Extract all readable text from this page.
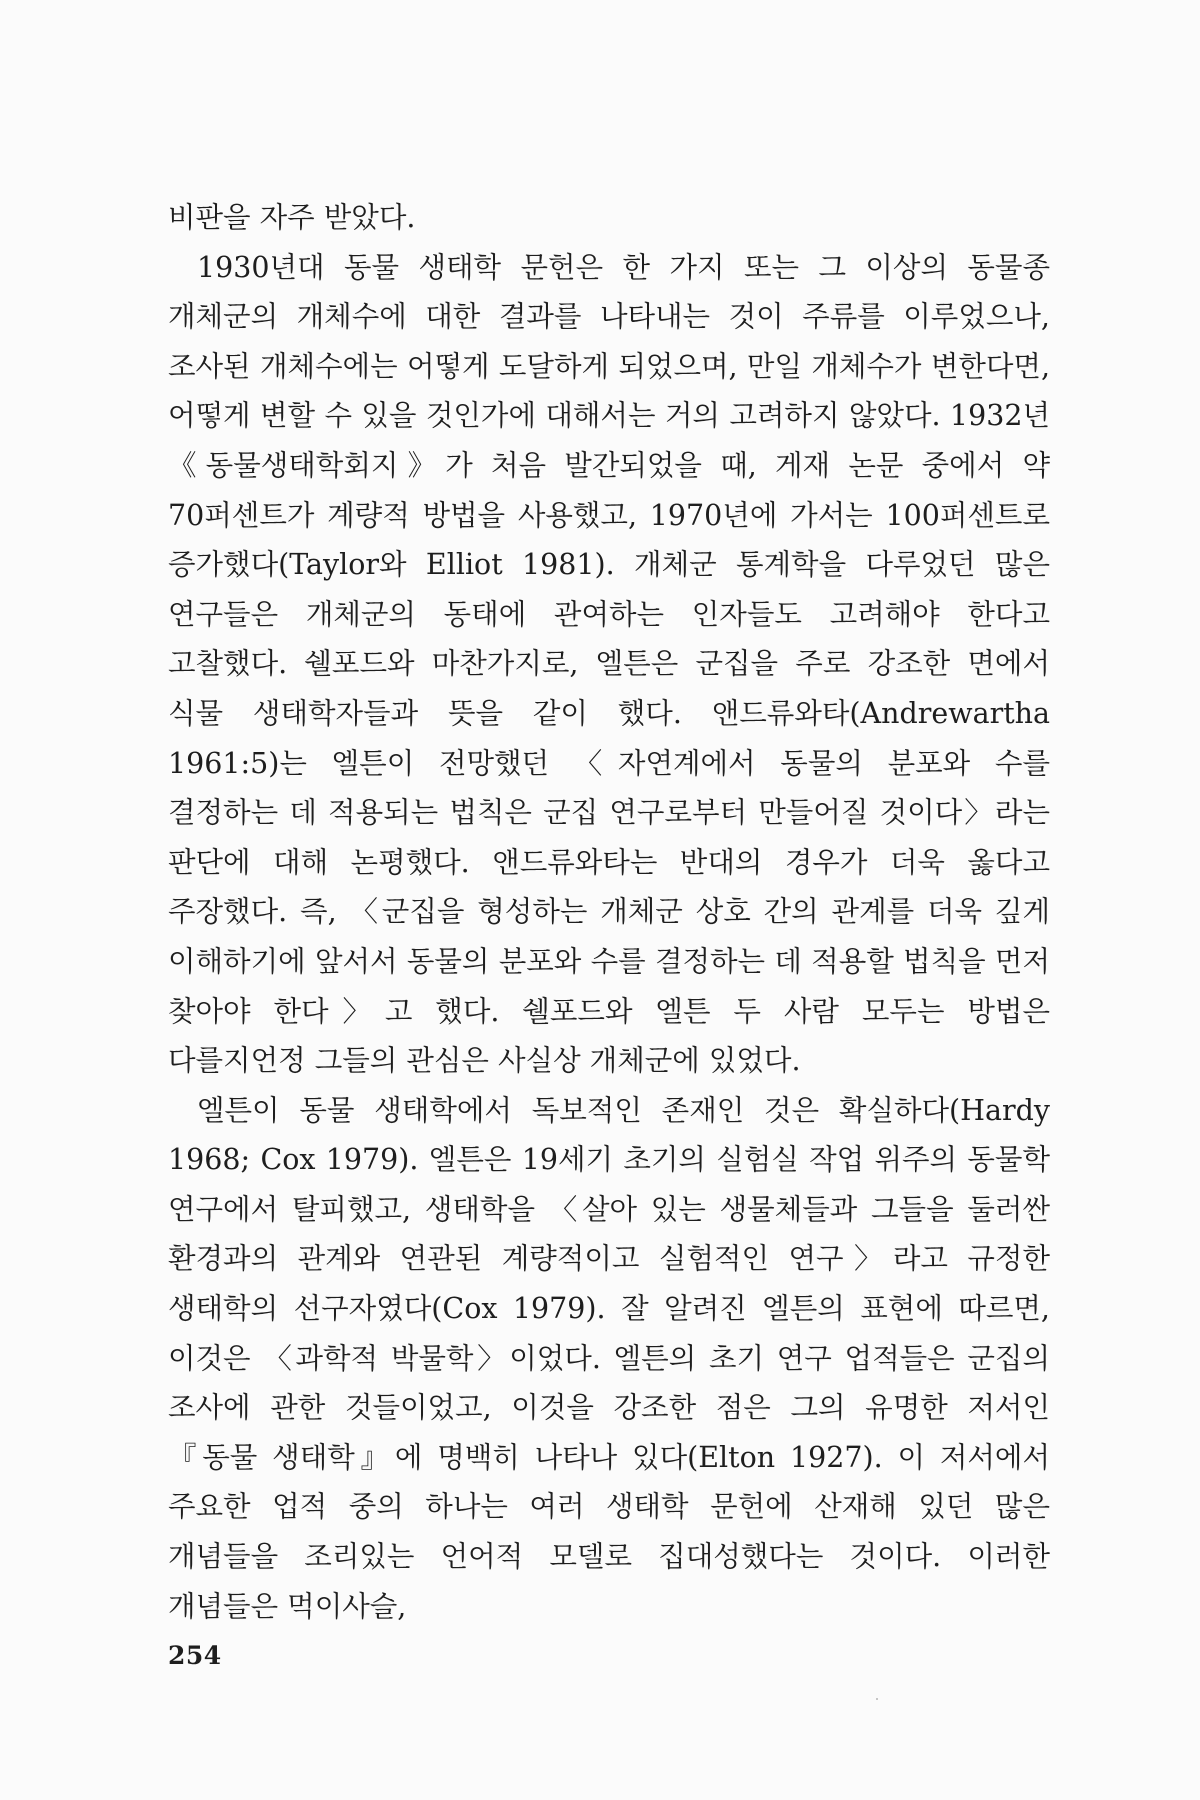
비판을 자주 받았다.

1930년대 동물 생태학 문헌은 한 가지 또는 그 이상의 동물종 개체군의 개체수에 대한 결과를 나타내는 것이 주류를 이루었으나, 조사된 개체수에는 어떻게 도달하게 되었으며, 만일 개체수가 변한다면, 어떻게 변할 수 있을 것인가에 대해서는 거의 고려하지 않았다. 1932년 《동물생태학회지》가 처음 발간되었을 때, 게재 논문 중에서 약 70퍼센트가 계량적 방법을 사용했고, 1970년에 가서는 100퍼센트로 증가했다(Taylor와 Elliot 1981). 개체군 통계학을 다루었던 많은 연구들은 개체군의 동태에 관여하는 인자들도 고려해야 한다고 고찰했다. 쉘포드와 마찬가지로, 엘튼은 군집을 주로 강조한 면에서 식물 생태학자들과 뜻을 같이 했다. 앤드류와타(Andrewartha 1961:5)는 엘튼이 전망했던 〈자연계에서 동물의 분포와 수를 결정하는 데 적용되는 법칙은 군집 연구로부터 만들어질 것이다〉라는 판단에 대해 논평했다. 앤드류와타는 반대의 경우가 더욱 옳다고 주장했다. 즉, 〈군집을 형성하는 개체군 상호 간의 관계를 더욱 깊게 이해하기에 앞서서 동물의 분포와 수를 결정하는 데 적용할 법칙을 먼저 찾아야 한다〉고 했다. 쉘포드와 엘튼 두 사람 모두는 방법은 다를지언정 그들의 관심은 사실상 개체군에 있었다.

엘튼이 동물 생태학에서 독보적인 존재인 것은 확실하다(Hardy 1968; Cox 1979). 엘튼은 19세기 초기의 실험실 작업 위주의 동물학 연구에서 탈피했고, 생태학을 〈살아 있는 생물체들과 그들을 둘러싼 환경과의 관계와 연관된 계량적이고 실험적인 연구〉라고 규정한 생태학의 선구자였다(Cox 1979). 잘 알려진 엘튼의 표현에 따르면, 이것은 〈과학적 박물학〉이었다. 엘튼의 초기 연구 업적들은 군집의 조사에 관한 것들이었고, 이것을 강조한 점은 그의 유명한 저서인 『동물 생태학』에 명백히 나타나 있다(Elton 1927). 이 저서에서 주요한 업적 중의 하나는 여러 생태학 문헌에 산재해 있던 많은 개념들을 조리있는 언어적 모델로 집대성했다는 것이다. 이러한 개념들은 먹이사슬,

254
